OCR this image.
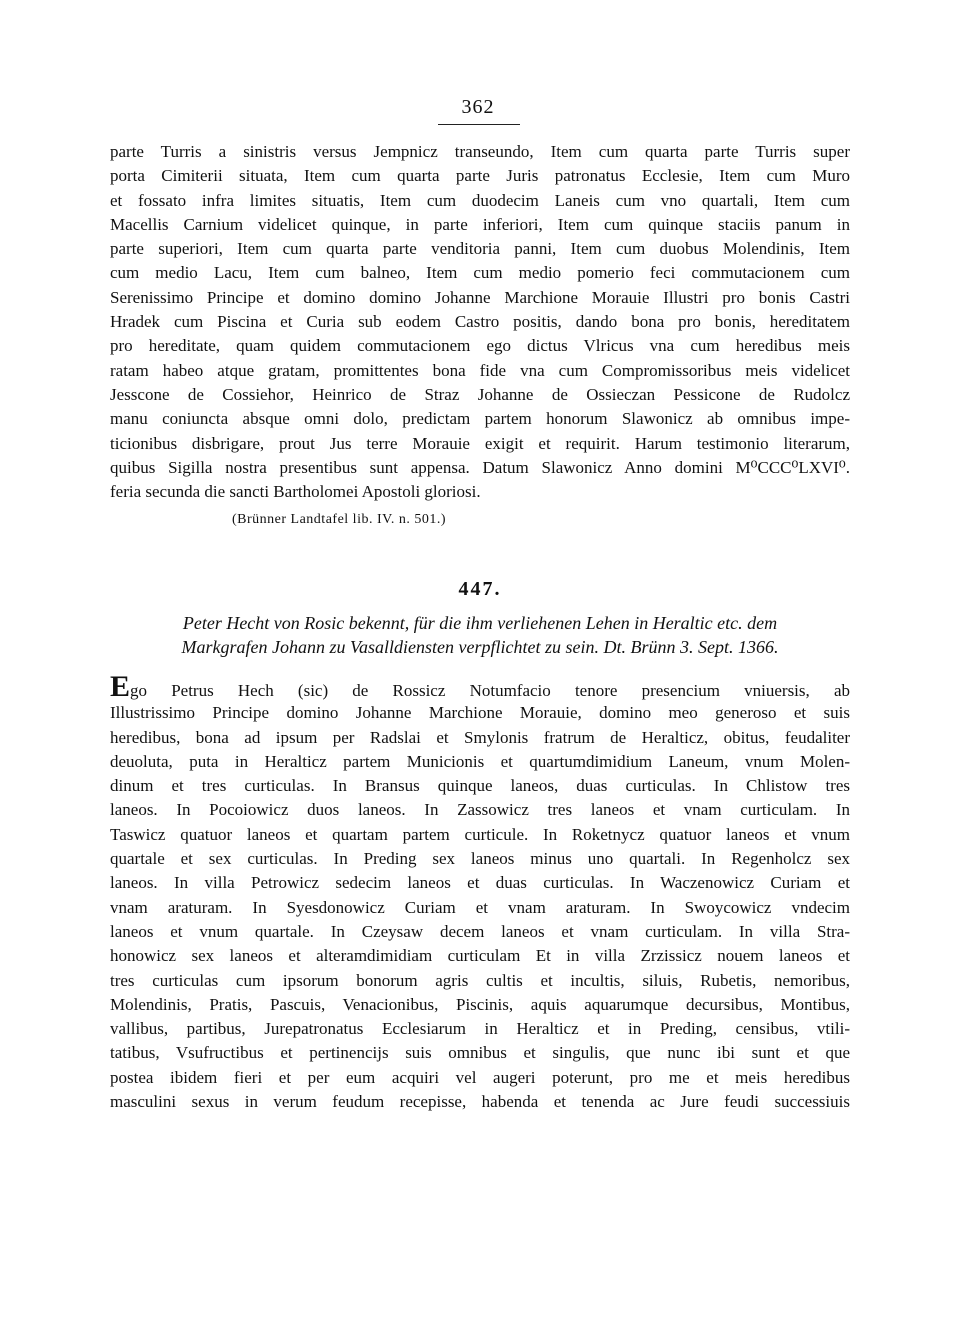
362
parte Turris a sinistris versus Jempnicz transeundo, Item cum quarta parte Turris super
porta Cimiterii situata, Item cum quarta parte Juris patronatus Ecclesie, Item cum Muro
et fossato infra limites situatis, Item cum duodecim Laneis cum vno quartali, Item cum
Macellis Carnium videlicet quinque, in parte inferiori, Item cum quinque staciis panum in
parte superiori, Item cum quarta parte venditoria panni, Item cum duobus Molendinis, Item
cum medio Lacu, Item cum balneo, Item cum medio pomerio feci commutacionem cum
Serenissimo Principe et domino domino Johanne Marchione Morauie Illustri pro bonis Castri
Hradek cum Piscina et Curia sub eodem Castro positis, dando bona pro bonis, hereditatem
pro hereditate, quam quidem commutacionem ego dictus Vlricus vna cum heredibus meis
ratam habeo atque gratam, promittentes bona fide vna cum Compromissoribus meis videlicet
Jesscone de Cossiehor, Heinrico de Straz Johanne de Ossieczan Pessicone de Rudolcz
manu coniuncta absque omni dolo, predictam partem honorum Slawonicz ab omnibus impe-
ticionibus disbrigare, prout Jus terre Morauie exigit et requirit. Harum testimonio literarum,
quibus Sigilla nostra presentibus sunt appensa. Datum Slawonicz Anno domini M⁰CCC⁰LXVI⁰.
feria secunda die sancti Bartholomei Apostoli gloriosi.
(Brünner Landtafel lib. IV. n. 501.)
447.
Peter Hecht von Rosic bekennt, für die ihm verliehenen Lehen in Heraltic etc. dem
Markgrafen Johann zu Vasalldiensten verpflichtet zu sein. Dt. Brünn 3. Sept. 1366.
Ego Petrus Hech (sic) de Rossicz Notumfacio tenore presencium vniuersis, ab
Illustrissimo Principe domino Johanne Marchione Morauie, domino meo generoso et suis
heredibus, bona ad ipsum per Radslai et Smylonis fratrum de Heralticz, obitus, feudaliter
deuoluta, puta in Heralticz partem Municionis et quartumdimidium Laneum, vnum Molen-
dinum et tres curticulas. In Bransus quinque laneos, duas curticulas. In Chlistow tres
laneos. In Pocoiowicz duos laneos. In Zassowicz tres laneos et vnam curticulam. In
Taswicz quatuor laneos et quartam partem curticule. In Roketnycz quatuor laneos et vnum
quartale et sex curticulas. In Preding sex laneos minus uno quartali. In Regenholcz sex
laneos. In villa Petrowicz sedecim laneos et duas curticulas. In Waczenowicz Curiam et
vnam araturam. In Syesdonowicz Curiam et vnam araturam. In Swoycowicz vndecim
laneos et vnum quartale. In Czeysaw decem laneos et vnam curticulam. In villa Stra-
honowicz sex laneos et alteramdimidiam curticulam Et in villa Zrzissicz nouem laneos et
tres curticulas cum ipsorum bonorum agris cultis et incultis, siluis, Rubetis, nemoribus,
Molendinis, Pratis, Pascuis, Venacionibus, Piscinis, aquis aquarumque decursibus, Montibus,
vallibus, partibus, Jurepatronatus Ecclesiarum in Heralticz et in Preding, censibus, vtili-
tatibus, Vsufructibus et pertinencijs suis omnibus et singulis, que nunc ibi sunt et que
postea ibidem fieri et per eum acquiri vel augeri poterunt, pro me et meis heredibus
masculini sexus in verum feudum recepisse, habenda et tenenda ac Jure feudi successiuis
